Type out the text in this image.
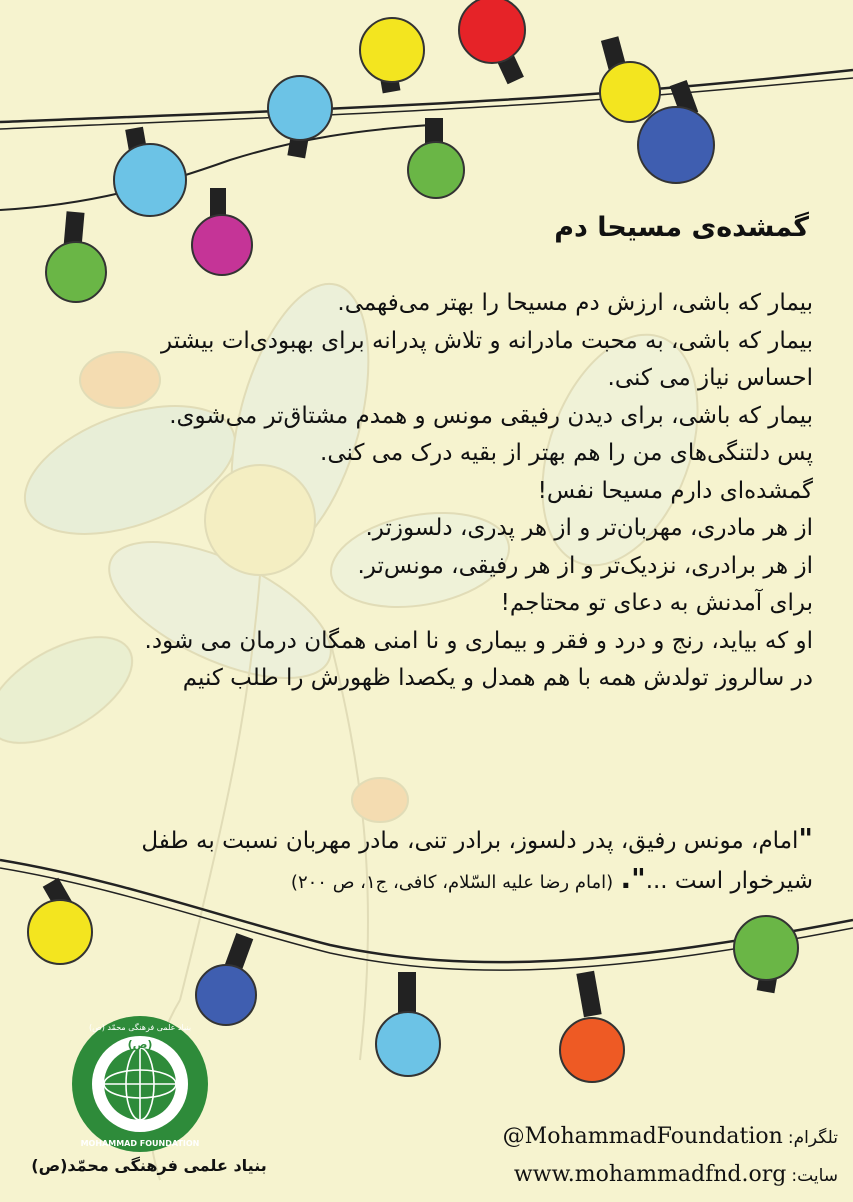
(ص)
بنیاد علمی فرهنگی محمّد (ص)
MOHAMMAD FOUNDATION
گمشده‌ی مسیحا دم
بیمار که باشی، ارزش دم مسیحا را بهتر می‌فهمی.
بیمار که باشی، به محبت مادرانه و تلاش پدرانه برای بهبودی‌ات بیشتر
احساس نیاز می کنی.
بیمار که باشی، برای دیدن رفیقی مونس و همدم مشتاق‌تر می‌شوی.
پس دلتنگی‌های من را هم بهتر از بقیه درک می کنی.
گمشده‌ای دارم مسیحا نفس!
از هر مادری، مهربان‌تر و از هر پدری، دلسوزتر.
از هر برادری، نزدیک‌تر و از هر رفیقی، مونس‌تر.
برای آمدنش به دعای تو محتاجم!
او که بیاید، رنج و درد و فقر و بیماری و نا امنی همگان درمان می شود.
در سالروز تولدش همه با هم همدل و یکصدا ظهورش را طلب کنیم
"امام، مونس رفیق، پدر دلسوز، برادر تنی، مادر مهربان نسبت به طفل
شیرخوار است ...". (امام رضا علیه السّلام، کافی، ج۱، ص ۲۰۰)
تلگرام: @MohammadFoundation
سایت: www.mohammadfnd.org
بنیاد علمی فرهنگی محمّد(ص)
